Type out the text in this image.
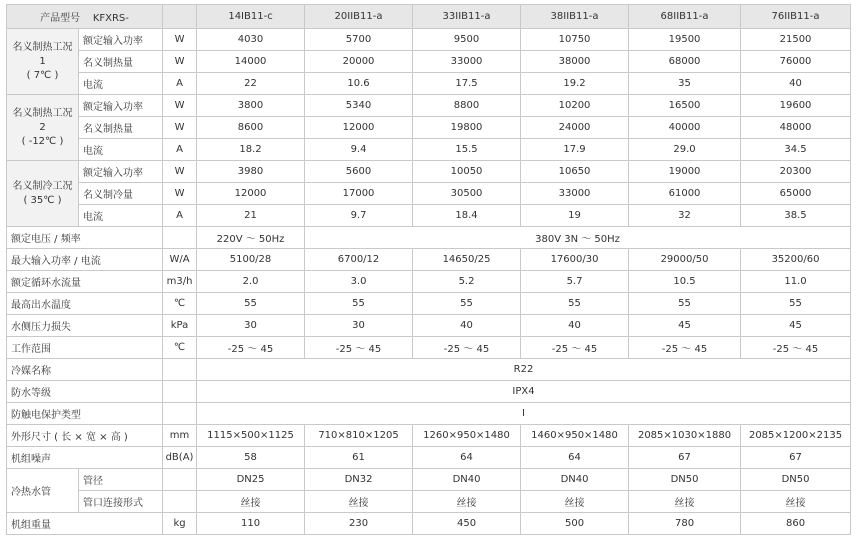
产品型号 KFXRS-			14IB11-c	20IIB11-a	33IIB11-a	38IIB11-a	68IIB11-a	76IIB11-a
名义制热工况 1
( 7℃ )	额定输入功率	W	4030	5700	9500	10750	19500	21500
	名义制热量	W	14000	20000	33000	38000	68000	76000
	电流	A	22	10.6	17.5	19.2	35	40
名义制热工况 2
( -12℃ )	额定输入功率	W	3800	5340	8800	10200	16500	19600
	名义制热量	W	8600	12000	19800	24000	40000	48000
	电流	A	18.2	9.4	15.5	17.9	29.0	34.5
名义制冷工况
( 35℃ )	额定输入功率	W	3980	5600	10050	10650	19000	20300
	名义制冷量	W	12000	17000	30500	33000	61000	65000
	电流	A	21	9.7	18.4	19	32	38.5
额定电压 / 频率			220V ～ 50Hz	380V 3N ～ 50Hz				
最大输入功率 / 电流		W/A	5100/28	6700/12	14650/25	17600/30	29000/50	35200/60
额定循环水流量		m3/h	2.0	3.0	5.2	5.7	10.5	11.0
最高出水温度		℃	55	55	55	55	55	55
水侧压力损失		kPa	30	30	40	40	45	45
工作范围		℃	-25 ～ 45	-25 ～ 45	-25 ～ 45	-25 ～ 45	-25 ～ 45	-25 ～ 45
冷媒名称			R22					
防水等级			IPX4					
防触电保护类型			I					
外形尺寸 ( 长 × 宽 × 高 )		mm	1115×500×1125	710×810×1205	1260×950×1480	1460×950×1480	2085×1030×1880	2085×1200×2135
机组噪声		dB(A)	58	61	64	64	67	67
冷热水管	管径		DN25	DN32	DN40	DN40	DN50	DN50
	管口连接形式		丝接	丝接	丝接	丝接	丝接	丝接
机组重量		kg	110	230	450	500	780	860
